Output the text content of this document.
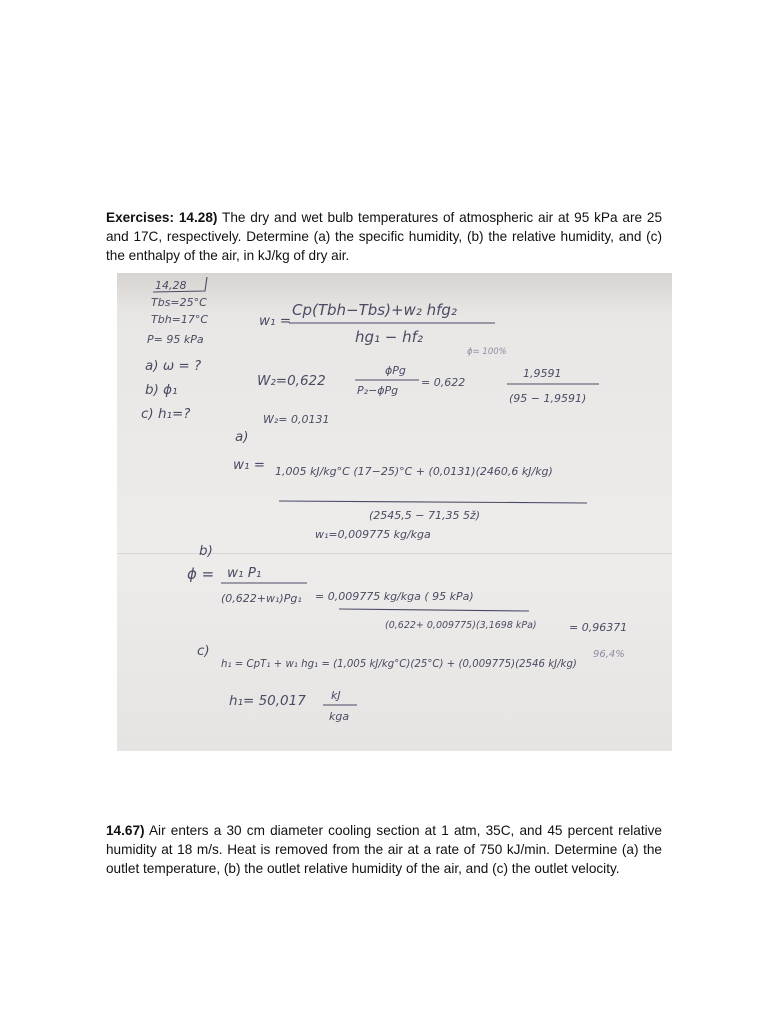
Exercises: 14.28) The dry and wet bulb temperatures of atmospheric air at 95 kPa are 25 and 17C, respectively. Determine (a) the specific humidity, (b) the relative humidity, and (c) the enthalpy of the air, in kJ/kg of dry air.

14,28
Tbs=25°C
Tbh=17°C
P= 95 kPa
a) ω = ?
b) ϕ₁
c) h₁=?
w₁ =
Cp(Tbh−Tbs)+w₂ hfg₂
hg₁ − hf₂
ϕ= 100%
W₂=0,622
ϕPg
P₂−ϕPg
= 0,622
1,9591
(95 − 1,9591)
W₂= 0,0131
a)
w₁ = 1,005 kJ/kg°C (17−25)°C + (0,0131)(2460,6 kJ/kg)
(2545,5 − 71,35 5ž)
w₁=0,009775 kg/kga
b)
ϕ = w₁ P₁
(0,622+w₁)Pg₁ = 0,009775 kg/kga ( 95 kPa)
(0,622+ 0,009775)(3,1698 kPa)	= 0,96371
96,4%
c)
h₁ = CpT₁ + w₁ hg₁ = (1,005 kJ/kg°C)(25°C) + (0,009775)(2546 kJ/kg)
h₁= 50,017 kJ
kga

14.67) Air enters a 30 cm diameter cooling section at 1 atm, 35C, and 45 percent relative humidity at 18 m/s. Heat is removed from the air at a rate of 750 kJ/min. Determine (a) the outlet temperature, (b) the outlet relative humidity of the air, and (c) the outlet velocity.
